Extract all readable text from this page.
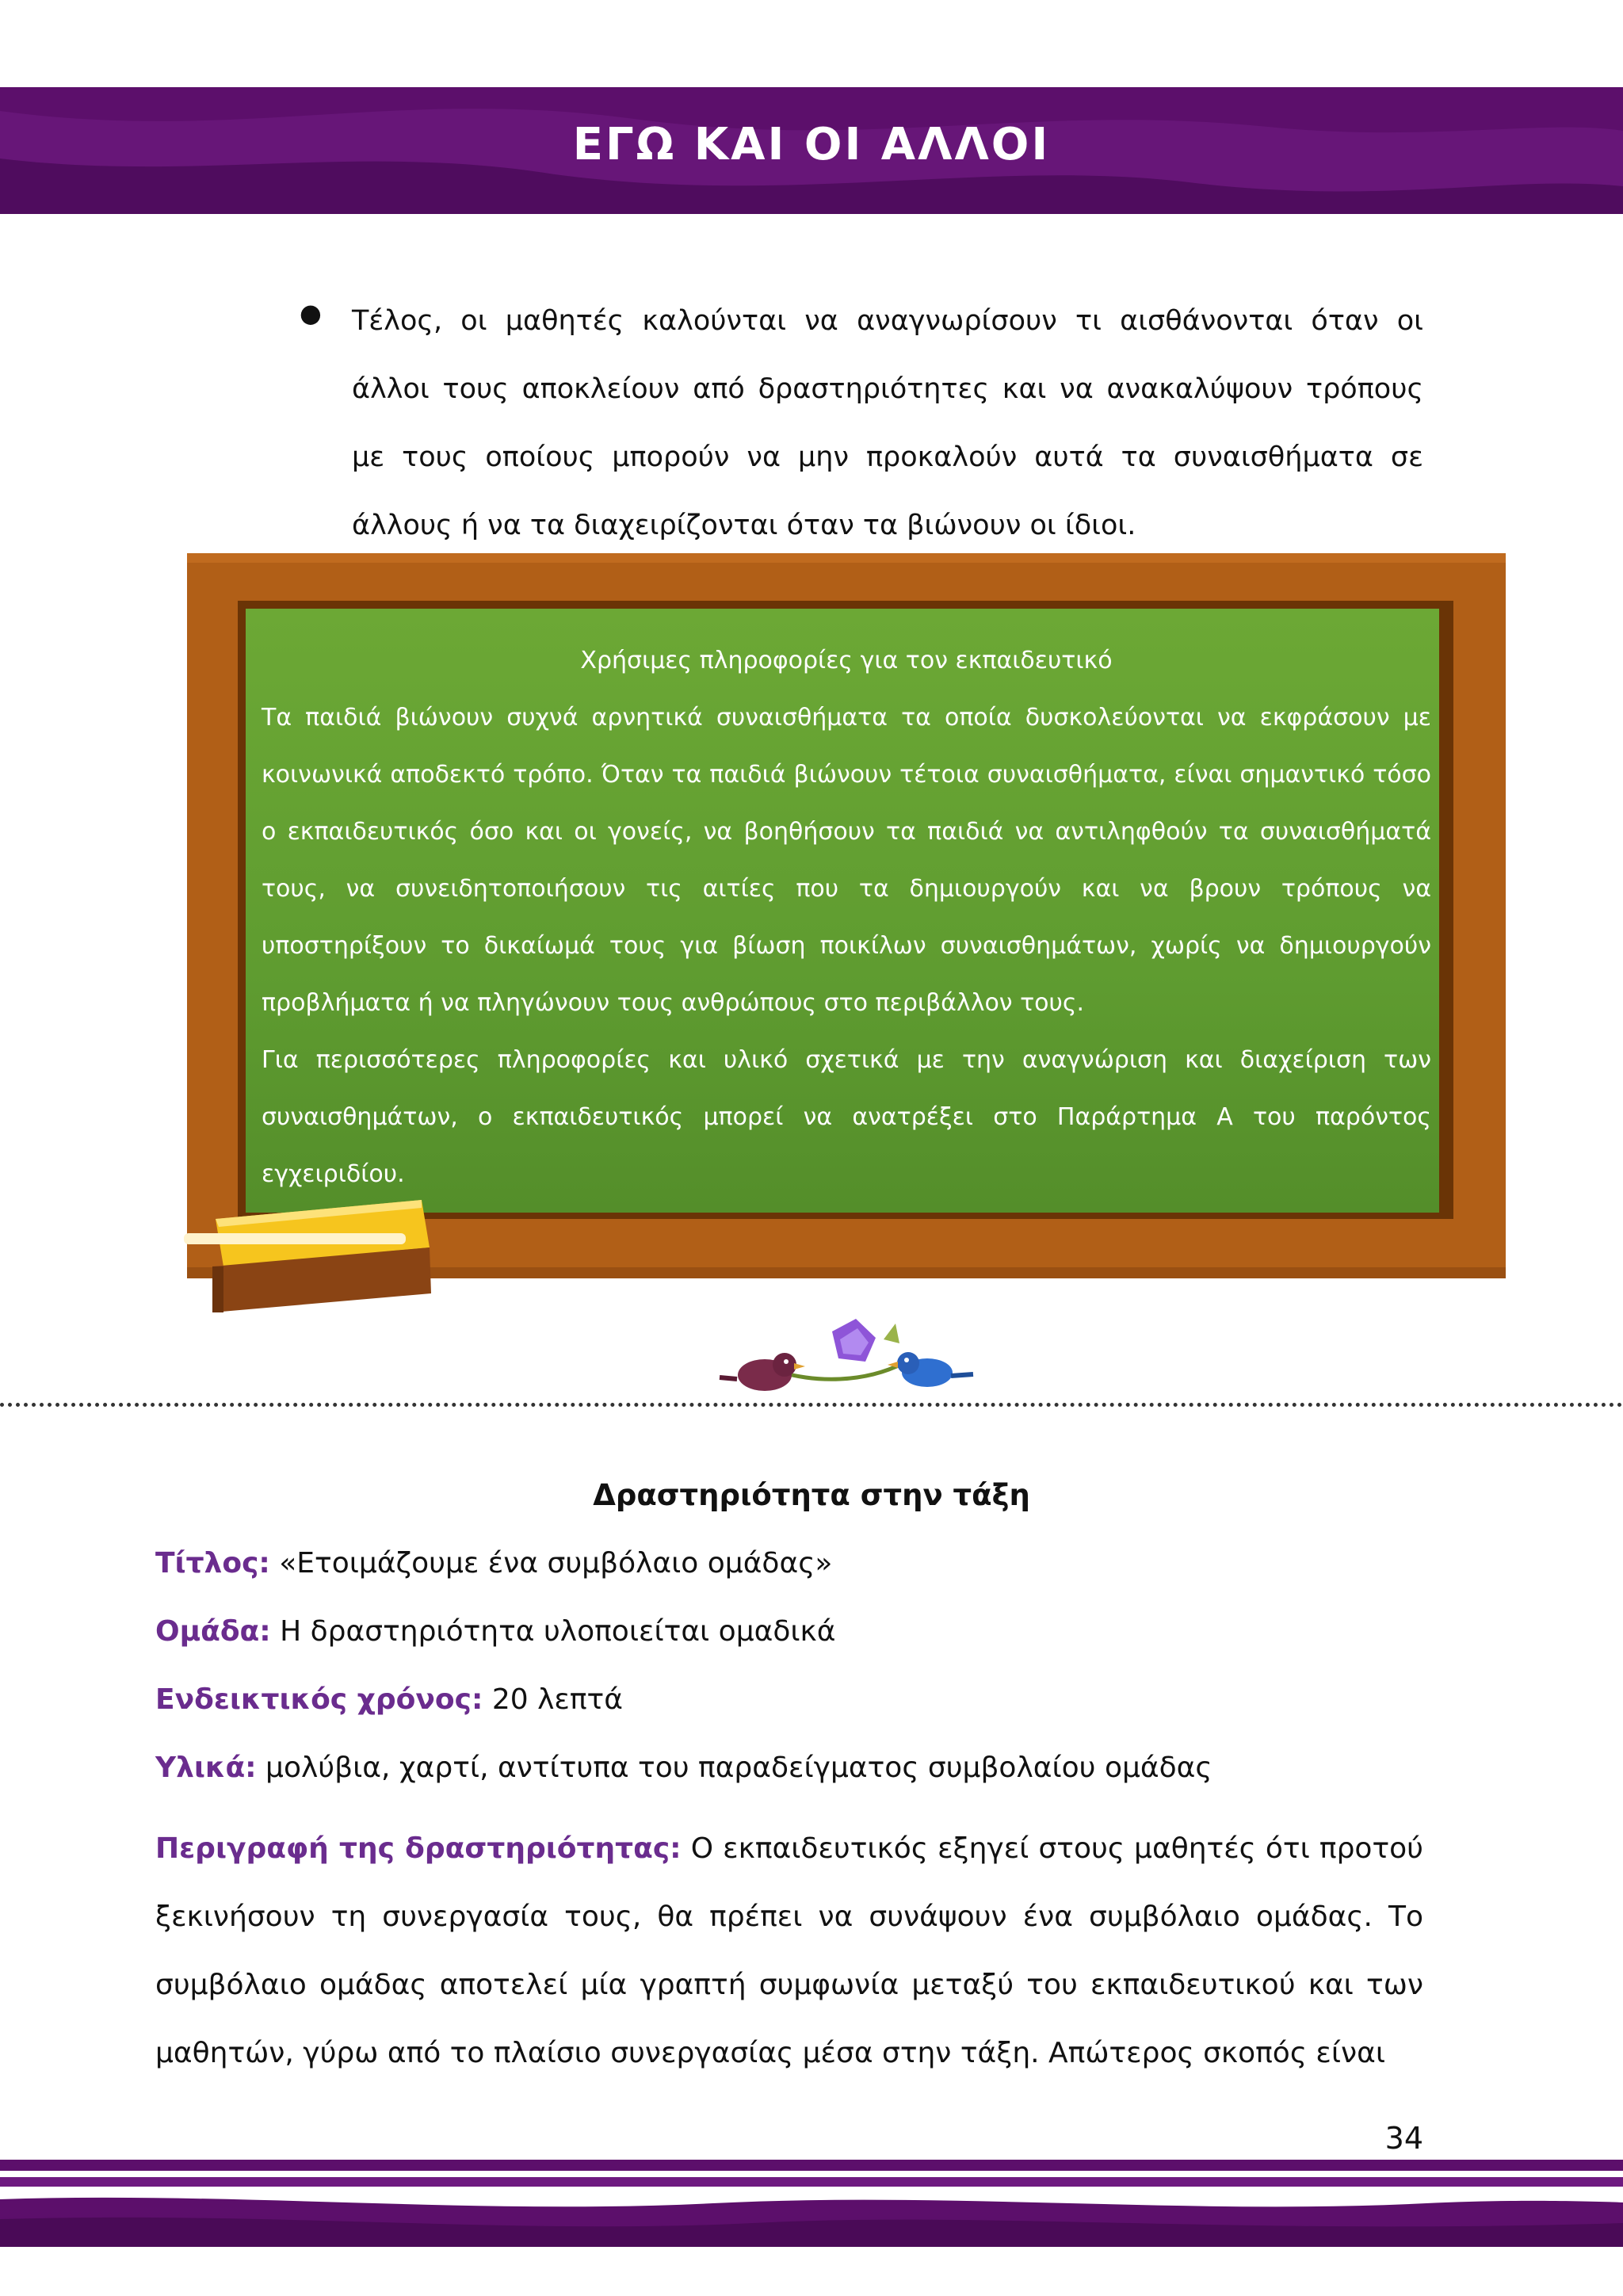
ΕΓΩ ΚΑΙ ΟΙ ΑΛΛΟΙ
● Τέλος, οι μαθητές καλούνται να αναγνωρίσουν τι αισθάνονται όταν οι άλλοι τους αποκλείουν από δραστηριότητες και να ανακαλύψουν τρόπους με τους οποίους μπορούν να μην προκαλούν αυτά τα συναισθήματα σε άλλους ή να τα διαχειρίζονται όταν τα βιώνουν οι ίδιοι.
Χρήσιμες πληροφορίες για τον εκπαιδευτικό
Τα παιδιά βιώνουν συχνά αρνητικά συναισθήματα τα οποία δυσκολεύονται να εκφράσουν με κοινωνικά αποδεκτό τρόπο. Όταν τα παιδιά βιώνουν τέτοια συναισθήματα, είναι σημαντικό τόσο ο εκπαιδευτικός όσο και οι γονείς, να βοηθήσουν τα παιδιά να αντιληφθούν τα συναισθήματά τους, να συνειδητοποιήσουν τις αιτίες που τα δημιουργούν και να βρουν τρόπους να υποστηρίξουν το δικαίωμά τους για βίωση ποικίλων συναισθημάτων, χωρίς να δημιουργούν προβλήματα ή να πληγώνουν τους ανθρώπους στο περιβάλλον τους.
Για περισσότερες πληροφορίες και υλικό σχετικά με την αναγνώριση και διαχείριση των συναισθημάτων, ο εκπαιδευτικός μπορεί να ανατρέξει στο Παράρτημα Α του παρόντος εγχειριδίου.
Δραστηριότητα στην τάξη
Τίτλος: «Ετοιμάζουμε ένα συμβόλαιο ομάδας»
Ομάδα: Η δραστηριότητα υλοποιείται ομαδικά
Ενδεικτικός χρόνος: 20 λεπτά
Υλικά: μολύβια, χαρτί, αντίτυπα του παραδείγματος συμβολαίου ομάδας
Περιγραφή της δραστηριότητας: Ο εκπαιδευτικός εξηγεί στους μαθητές ότι προτού ξεκινήσουν τη συνεργασία τους, θα πρέπει να συνάψουν ένα συμβόλαιο ομάδας. Το συμβόλαιο ομάδας αποτελεί μία γραπτή συμφωνία μεταξύ του εκπαιδευτικού και των μαθητών, γύρω από το πλαίσιο συνεργασίας μέσα στην τάξη. Απώτερος σκοπός είναι
34
